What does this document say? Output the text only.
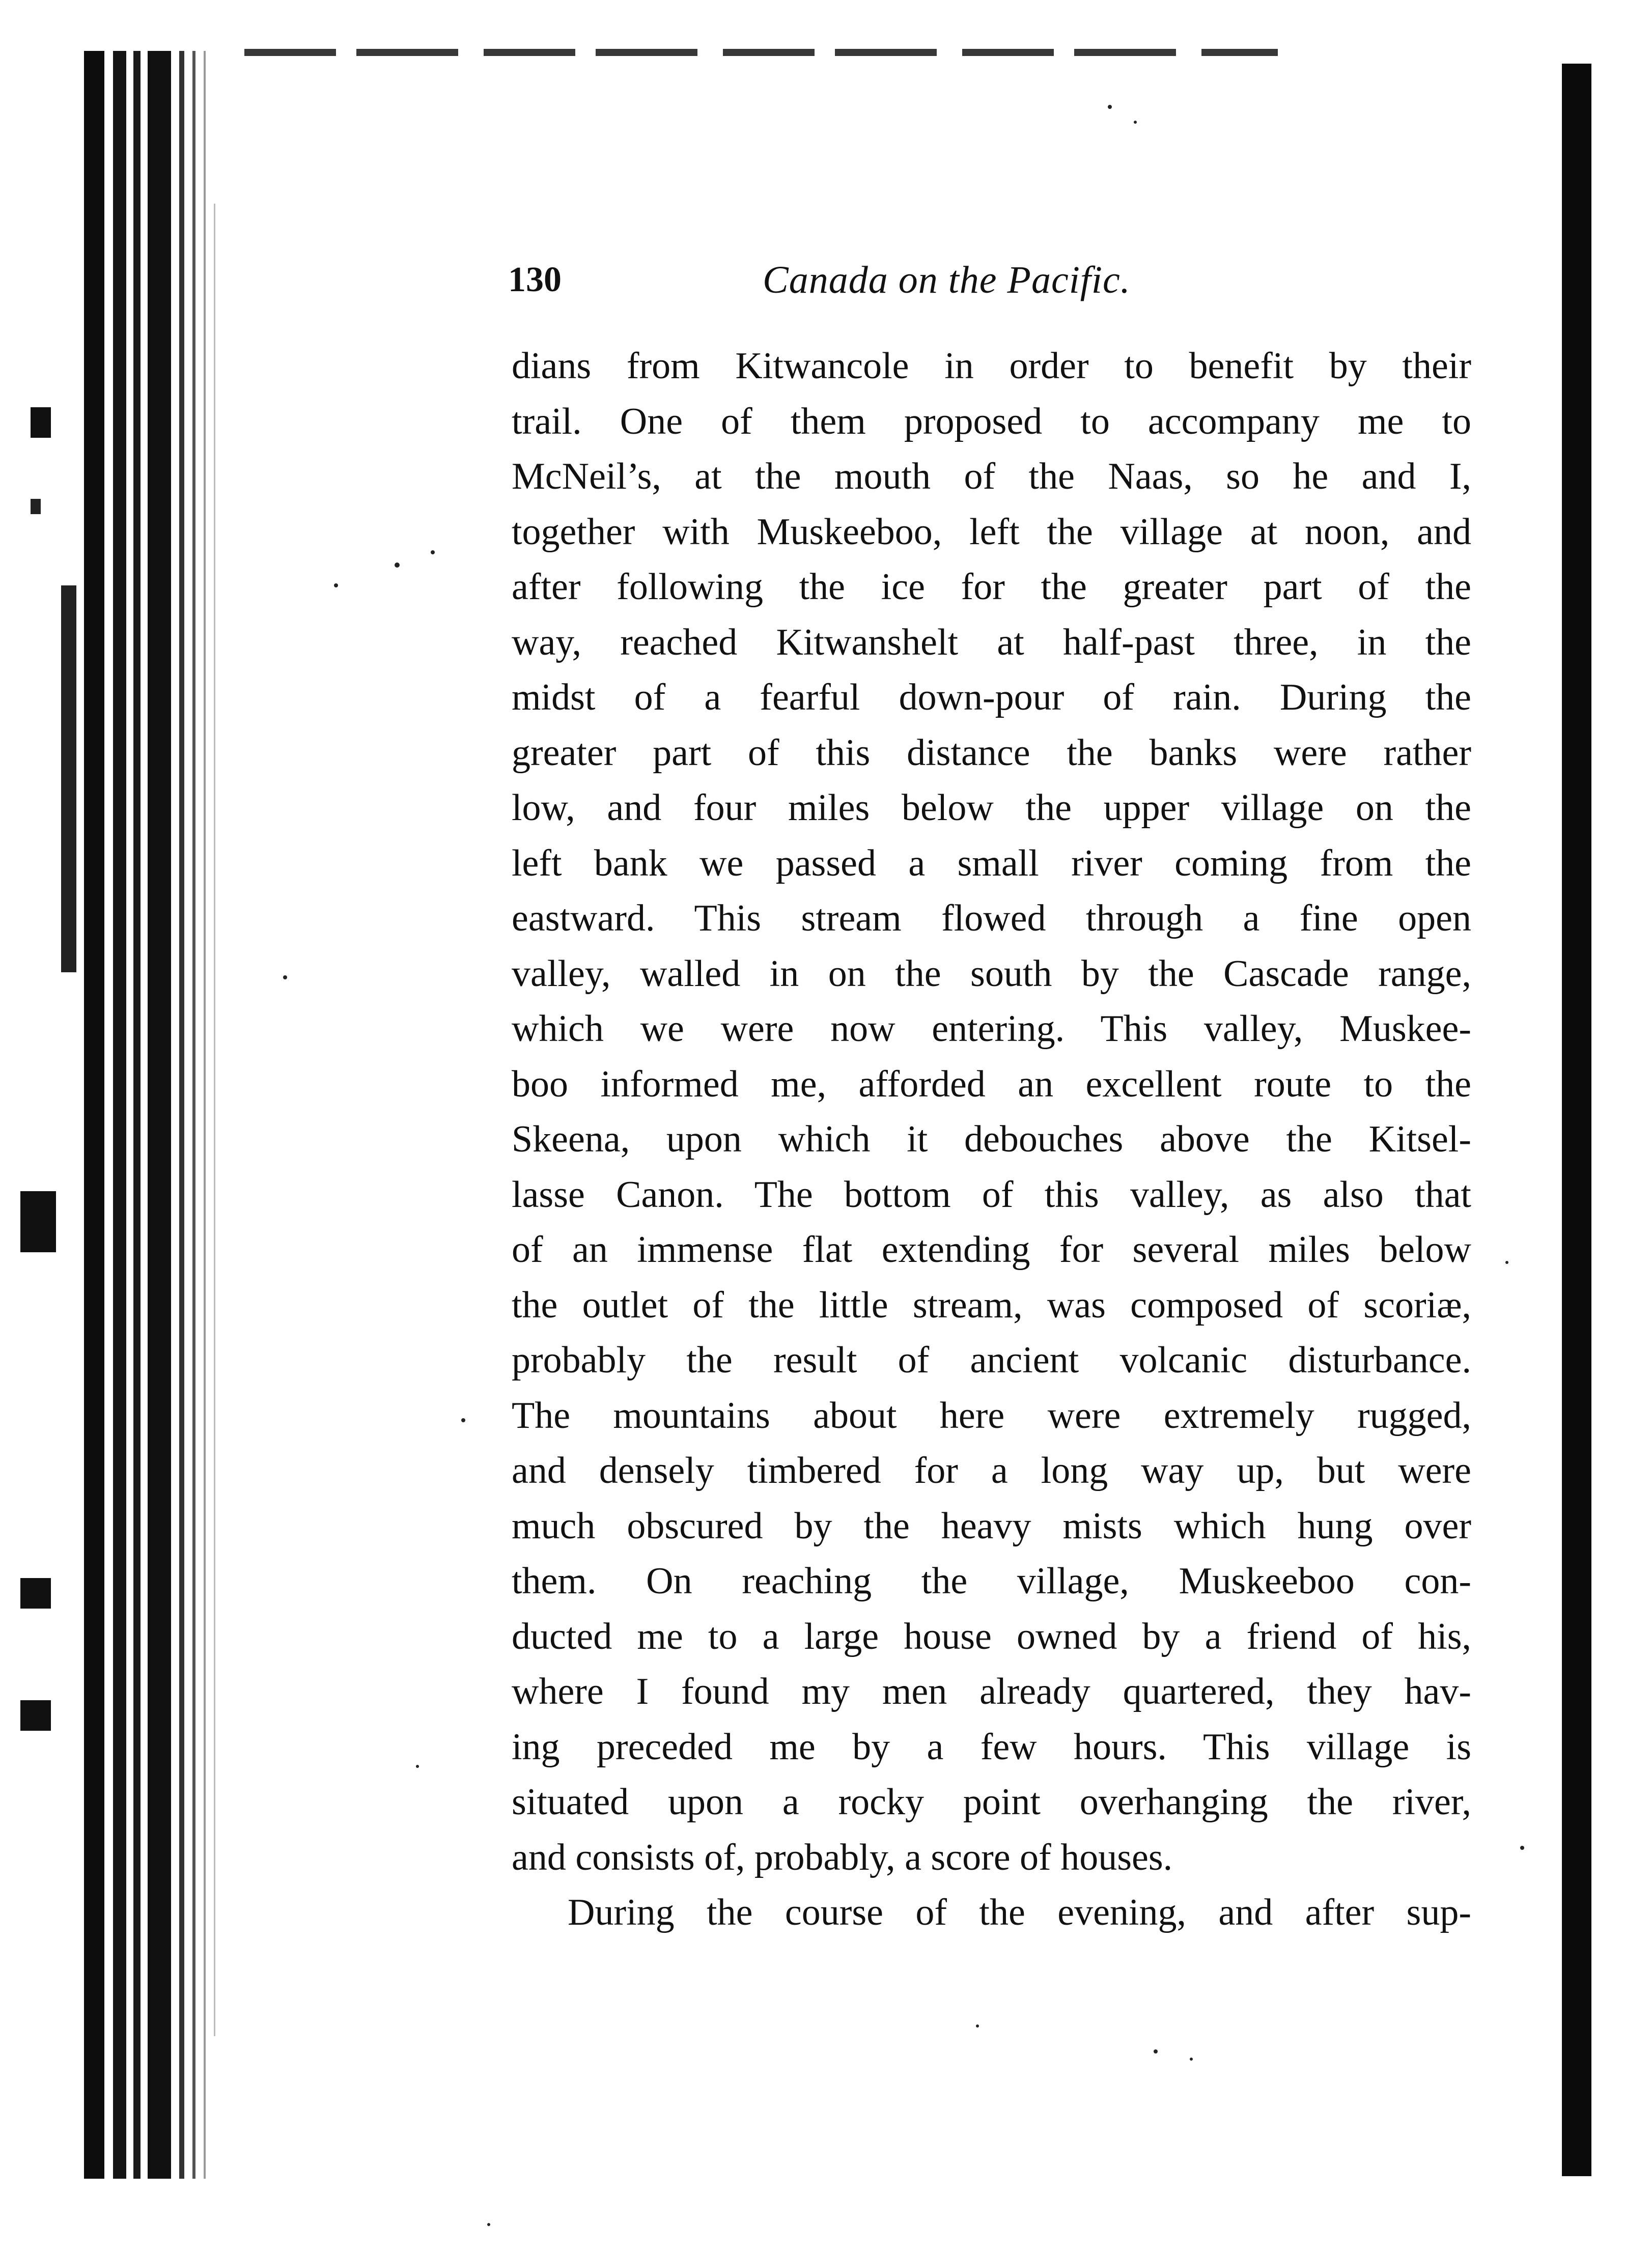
130	Canada on the Pacific.
dians from Kitwancole in order to benefit by their
trail. One of them proposed to accompany me to
McNeil’s, at the mouth of the Naas, so he and I,
together with Muskeeboo, left the village at noon, and
after following the ice for the greater part of the
way, reached Kitwanshelt at half-past three, in the
midst of a fearful down-pour of rain. During the
greater part of this distance the banks were rather
low, and four miles below the upper village on the
left bank we passed a small river coming from the
eastward. This stream flowed through a fine open
valley, walled in on the south by the Cascade range,
which we were now entering. This valley, Muskee-
boo informed me, afforded an excellent route to the
Skeena, upon which it debouches above the Kitsel-
lasse Canon. The bottom of this valley, as also that
of an immense flat extending for several miles below
the outlet of the little stream, was composed of scoriæ,
probably the result of ancient volcanic disturbance.
The mountains about here were extremely rugged,
and densely timbered for a long way up, but were
much obscured by the heavy mists which hung over
them. On reaching the village, Muskeeboo con-
ducted me to a large house owned by a friend of his,
where I found my men already quartered, they hav-
ing preceded me by a few hours. This village is
situated upon a rocky point overhanging the river,
and consists of, probably, a score of houses.
During the course of the evening, and after sup-
